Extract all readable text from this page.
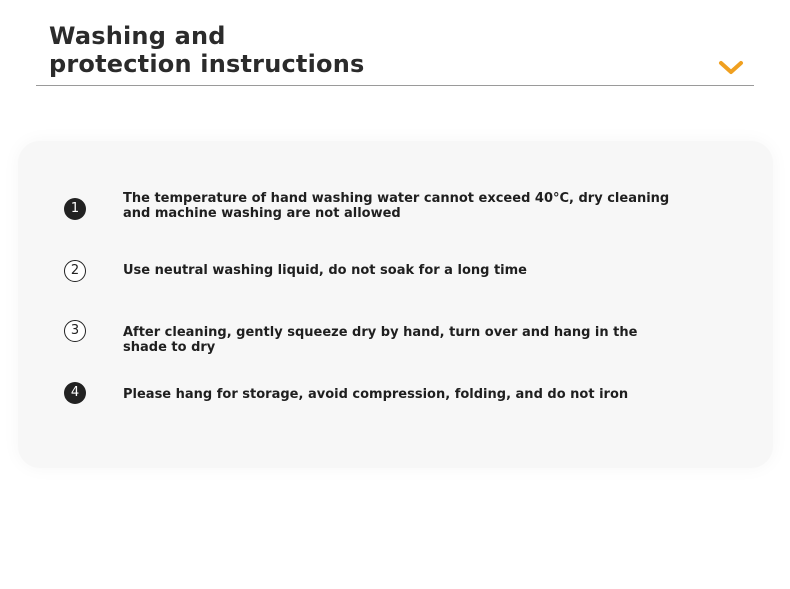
Washing and
protection instructions
1
The temperature of hand washing water cannot exceed 40°C, dry cleaning and machine washing are not allowed
2	Use neutral washing liquid, do not soak for a long time
3	After cleaning, gently squeeze dry by hand, turn over and hang in the shade to dry
4	Please hang for storage, avoid compression, folding, and do not iron
